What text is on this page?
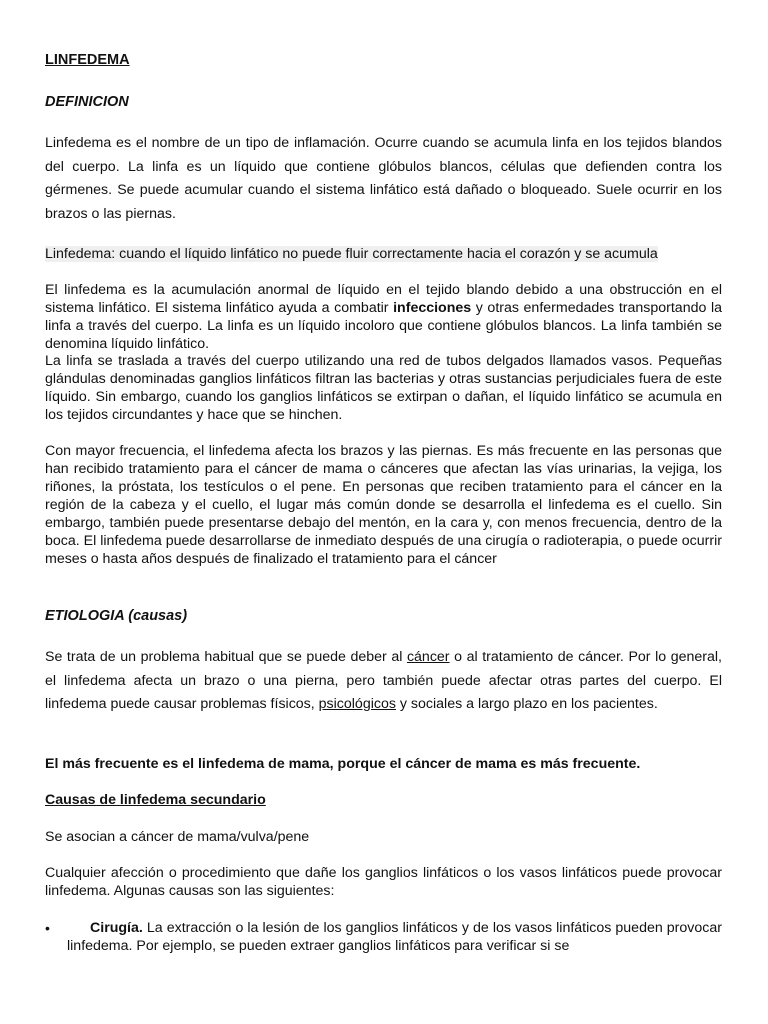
LINFEDEMA

DEFINICION

Linfedema es el nombre de un tipo de inflamación. Ocurre cuando se acumula linfa en los tejidos blandos del cuerpo. La linfa es un líquido que contiene glóbulos blancos, células que defienden contra los gérmenes. Se puede acumular cuando el sistema linfático está dañado o bloqueado. Suele ocurrir en los brazos o las piernas.

Linfedema: cuando el líquido linfático no puede fluir correctamente hacia el corazón y se acumula

El linfedema es la acumulación anormal de líquido en el tejido blando debido a una obstrucción en el sistema linfático. El sistema linfático ayuda a combatir infecciones y otras enfermedades transportando la linfa a través del cuerpo. La linfa es un líquido incoloro que contiene glóbulos blancos. La linfa también se denomina líquido linfático.

La linfa se traslada a través del cuerpo utilizando una red de tubos delgados llamados vasos. Pequeñas glándulas denominadas ganglios linfáticos filtran las bacterias y otras sustancias perjudiciales fuera de este líquido. Sin embargo, cuando los ganglios linfáticos se extirpan o dañan, el líquido linfático se acumula en los tejidos circundantes y hace que se hinchen.

Con mayor frecuencia, el linfedema afecta los brazos y las piernas. Es más frecuente en las personas que han recibido tratamiento para el cáncer de mama o cánceres que afectan las vías urinarias, la vejiga, los riñones, la próstata, los testículos o el pene. En personas que reciben tratamiento para el cáncer en la región de la cabeza y el cuello, el lugar más común donde se desarrolla el linfedema es el cuello. Sin embargo, también puede presentarse debajo del mentón, en la cara y, con menos frecuencia, dentro de la boca. El linfedema puede desarrollarse de inmediato después de una cirugía o radioterapia, o puede ocurrir meses o hasta años después de finalizado el tratamiento para el cáncer

ETIOLOGIA (causas)

Se trata de un problema habitual que se puede deber al cáncer o al tratamiento de cáncer. Por lo general, el linfedema afecta un brazo o una pierna, pero también puede afectar otras partes del cuerpo. El linfedema puede causar problemas físicos, psicológicos y sociales a largo plazo en los pacientes.

El más frecuente es el linfedema de mama, porque el cáncer de mama es más frecuente.

Causas de linfedema secundario

Se asocian a cáncer de mama/vulva/pene

Cualquier afección o procedimiento que dañe los ganglios linfáticos o los vasos linfáticos puede provocar linfedema. Algunas causas son las siguientes:

•	Cirugía. La extracción o la lesión de los ganglios linfáticos y de los vasos linfáticos pueden provocar linfedema. Por ejemplo, se pueden extraer ganglios linfáticos para verificar si se
